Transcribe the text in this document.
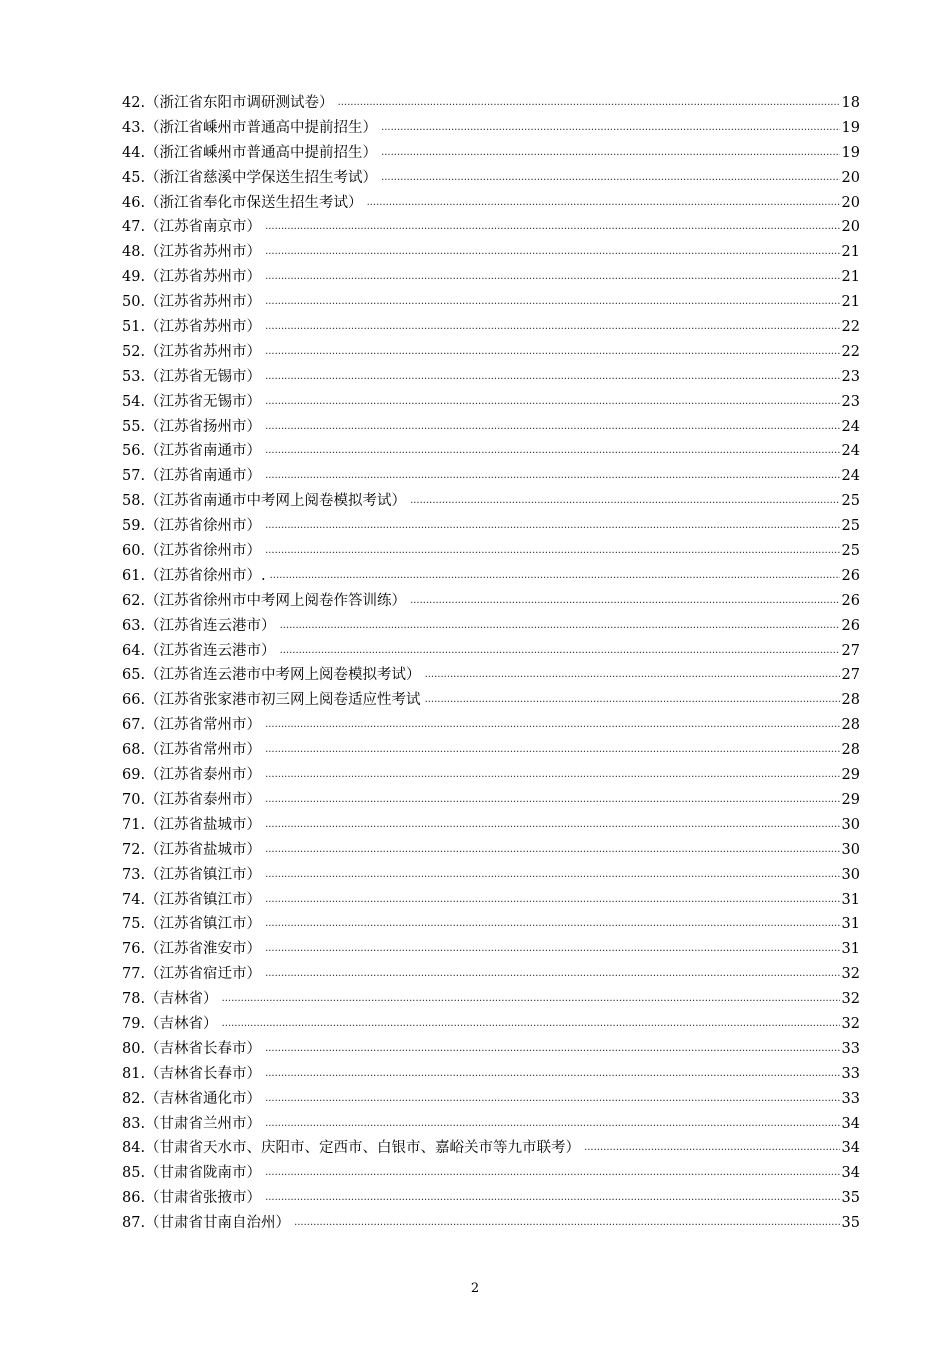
42.（浙江省东阳市调研测试卷） .....	18
43.（浙江省嵊州市普通高中提前招生） .....	19
44.（浙江省嵊州市普通高中提前招生） .....	19
45.（浙江省慈溪中学保送生招生考试） .....	20
46.（浙江省奉化市保送生招生考试） .....	20
47.（江苏省南京市） .....	20
48.（江苏省苏州市） .....	21
49.（江苏省苏州市） .....	21
50.（江苏省苏州市） .....	21
51.（江苏省苏州市） .....	22
52.（江苏省苏州市） .....	22
53.（江苏省无锡市） .....	23
54.（江苏省无锡市） .....	23
55.（江苏省扬州市） .....	24
56.（江苏省南通市） .....	24
57.（江苏省南通市） .....	24
58.（江苏省南通市中考网上阅卷模拟考试） .....	25
59.（江苏省徐州市） .....	25
60.（江苏省徐州市） .....	25
61.（江苏省徐州市）. .....	26
62.（江苏省徐州市中考网上阅卷作答训练） .....	26
63.（江苏省连云港市） .....	26
64.（江苏省连云港市） .....	27
65.（江苏省连云港市中考网上阅卷模拟考试） .....	27
66.（江苏省张家港市初三网上阅卷适应性考试 .....	28
67.（江苏省常州市） .....	28
68.（江苏省常州市） .....	28
69.（江苏省泰州市） .....	29
70.（江苏省泰州市） .....	29
71.（江苏省盐城市） .....	30
72.（江苏省盐城市） .....	30
73.（江苏省镇江市） .....	30
74.（江苏省镇江市） .....	31
75.（江苏省镇江市） .....	31
76.（江苏省淮安市） .....	31
77.（江苏省宿迁市） .....	32
78.（吉林省） .....	32
79.（吉林省） .....	32
80.（吉林省长春市） .....	33
81.（吉林省长春市） .....	33
82.（吉林省通化市） .....	33
83.（甘肃省兰州市） .....	34
84.（甘肃省天水市、庆阳市、定西市、白银市、嘉峪关市等九市联考） .....	34
85.（甘肃省陇南市） .....	34
86.（甘肃省张掖市） .....	35
87.（甘肃省甘南自治州） .....	35
2
